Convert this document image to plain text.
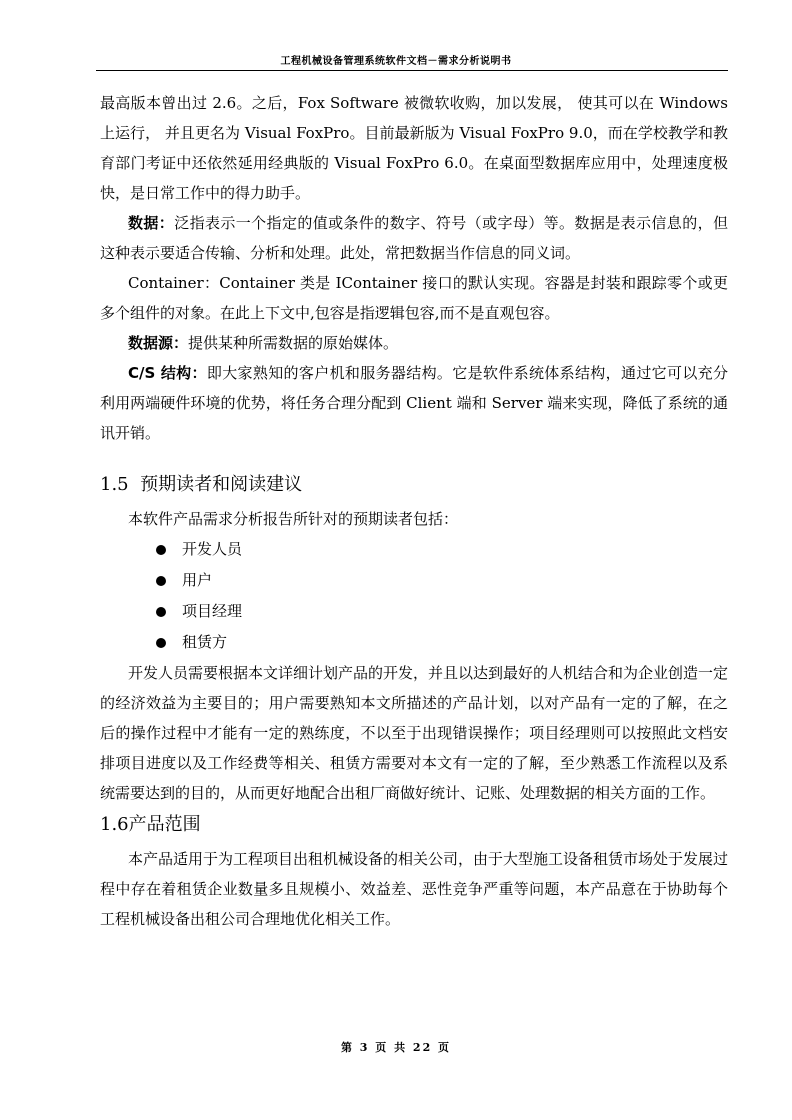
工程机械设备管理系统软件文档－需求分析说明书

最高版本曾出过 2.6。之后，Fox Software 被微软收购，加以发展， 使其可以在 Windows 上运行， 并且更名为 Visual FoxPro。目前最新版为 Visual FoxPro 9.0，而在学校教学和教育部门考证中还依然延用经典版的 Visual FoxPro 6.0。在桌面型数据库应用中，处理速度极快，是日常工作中的得力助手。

数据：泛指表示一个指定的值或条件的数字、符号（或字母）等。数据是表示信息的，但这种表示要适合传输、分析和处理。此处，常把数据当作信息的同义词。

Container：Container 类是 IContainer 接口的默认实现。容器是封装和跟踪零个或更多个组件的对象。在此上下文中,包容是指逻辑包容,而不是直观包容。

数据源：提供某种所需数据的原始媒体。

C/S 结构：即大家熟知的客户机和服务器结构。它是软件系统体系结构，通过它可以充分利用两端硬件环境的优势，将任务合理分配到 Client 端和 Server 端来实现，降低了系统的通讯开销。

1.5 预期读者和阅读建议

本软件产品需求分析报告所针对的预期读者包括：

开发人员
用户
项目经理
租赁方

开发人员需要根据本文详细计划产品的开发，并且以达到最好的人机结合和为企业创造一定的经济效益为主要目的；用户需要熟知本文所描述的产品计划，以对产品有一定的了解，在之后的操作过程中才能有一定的熟练度，不以至于出现错误操作；项目经理则可以按照此文档安排项目进度以及工作经费等相关、租赁方需要对本文有一定的了解，至少熟悉工作流程以及系统需要达到的目的，从而更好地配合出租厂商做好统计、记账、处理数据的相关方面的工作。

1.6产品范围

本产品适用于为工程项目出租机械设备的相关公司，由于大型施工设备租赁市场处于发展过程中存在着租赁企业数量多且规模小、效益差、恶性竞争严重等问题，本产品意在于协助每个工程机械设备出租公司合理地优化相关工作。

第 3 页 共 22 页
